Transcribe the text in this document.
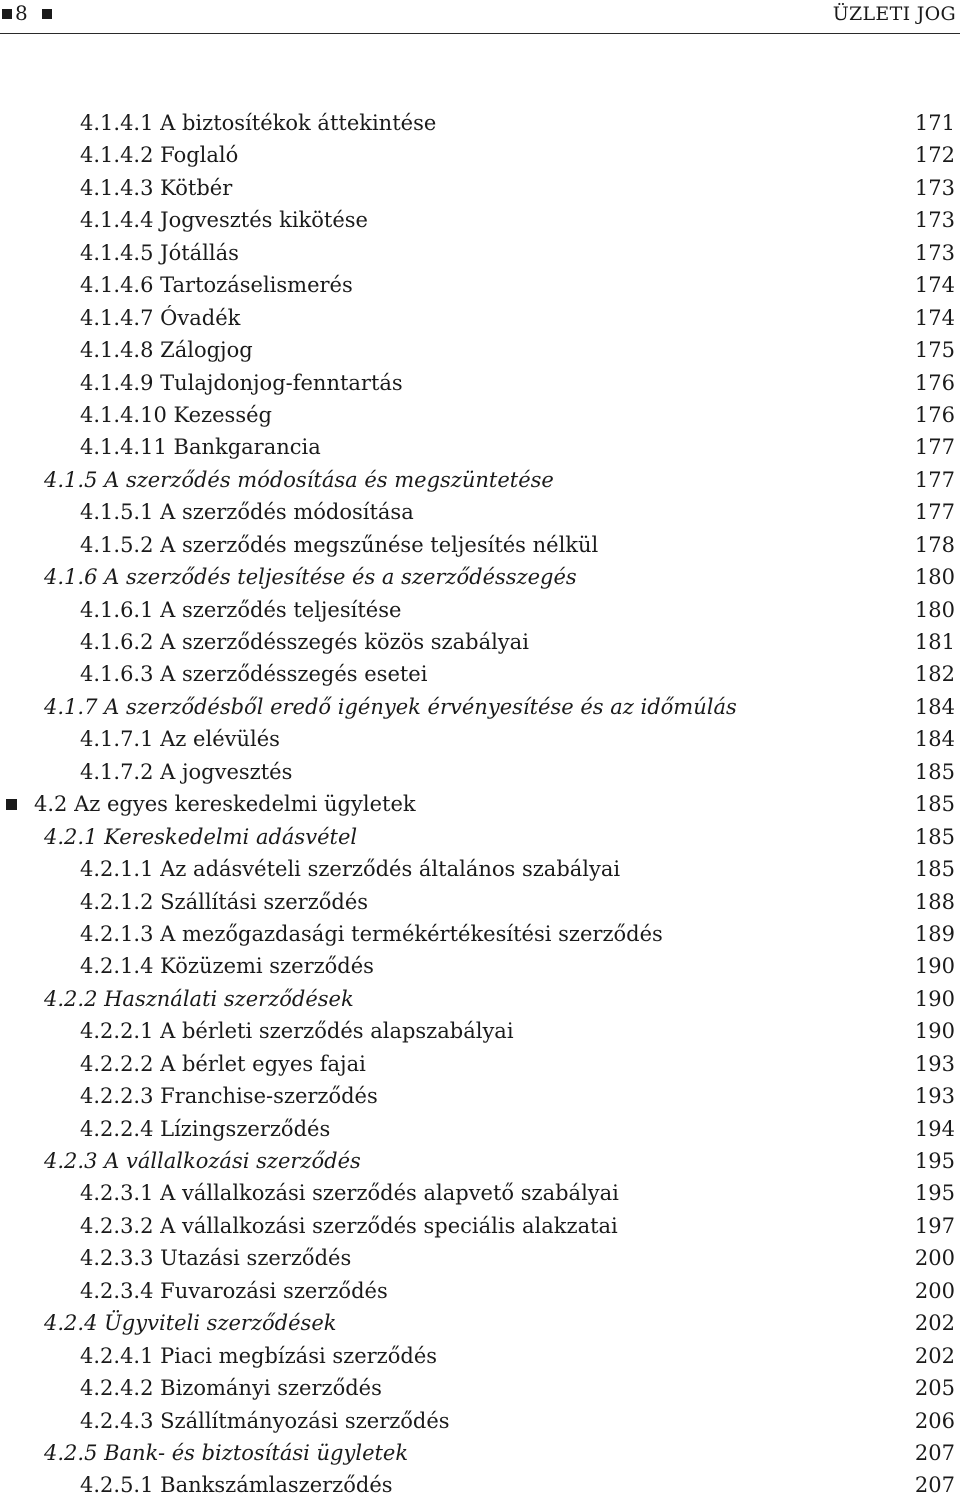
8	ÜZLETI JOG
4.1.4.1 A biztosítékok áttekintése	171
4.1.4.2 Foglaló	172
4.1.4.3 Kötbér	173
4.1.4.4 Jogvesztés kikötése	173
4.1.4.5 Jótállás	173
4.1.4.6 Tartozáselismerés	174
4.1.4.7 Óvadék	174
4.1.4.8 Zálogjog	175
4.1.4.9 Tulajdonjog-fenntartás	176
4.1.4.10 Kezesség	176
4.1.4.11 Bankgarancia	177
4.1.5 A szerződés módosítása és megszüntetése	177
4.1.5.1 A szerződés módosítása	177
4.1.5.2 A szerződés megszűnése teljesítés nélkül	178
4.1.6 A szerződés teljesítése és a szerződésszegés	180
4.1.6.1 A szerződés teljesítése	180
4.1.6.2 A szerződésszegés közös szabályai	181
4.1.6.3 A szerződésszegés esetei	182
4.1.7 A szerződésből eredő igények érvényesítése és az időmúlás	184
4.1.7.1 Az elévülés	184
4.1.7.2 A jogvesztés	185
4.2 Az egyes kereskedelmi ügyletek	185
4.2.1 Kereskedelmi adásvétel	185
4.2.1.1 Az adásvételi szerződés általános szabályai	185
4.2.1.2 Szállítási szerződés	188
4.2.1.3 A mezőgazdasági termékértékesítési szerződés	189
4.2.1.4 Közüzemi szerződés	190
4.2.2 Használati szerződések	190
4.2.2.1 A bérleti szerződés alapszabályai	190
4.2.2.2 A bérlet egyes fajai	193
4.2.2.3 Franchise-szerződés	193
4.2.2.4 Lízingszerződés	194
4.2.3 A vállalkozási szerződés	195
4.2.3.1 A vállalkozási szerződés alapvető szabályai	195
4.2.3.2 A vállalkozási szerződés speciális alakzatai	197
4.2.3.3 Utazási szerződés	200
4.2.3.4 Fuvarozási szerződés	200
4.2.4 Ügyviteli szerződések	202
4.2.4.1 Piaci megbízási szerződés	202
4.2.4.2 Bizományi szerződés	205
4.2.4.3 Szállítmányozási szerződés	206
4.2.5 Bank- és biztosítási ügyletek	207
4.2.5.1 Bankszámlaszerződés	207
